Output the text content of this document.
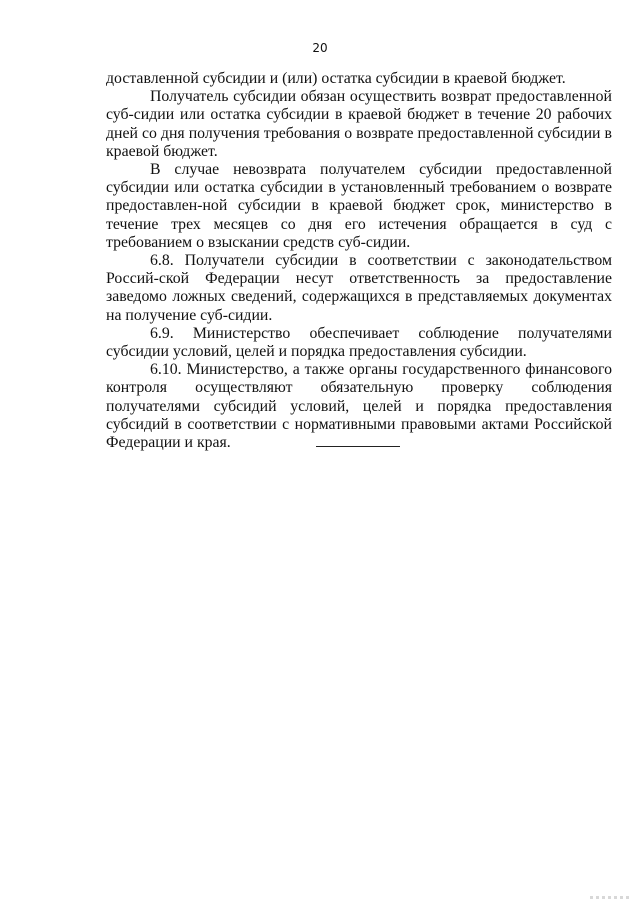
20

доставленной субсидии и (или) остатка субсидии в краевой бюджет.

Получатель субсидии обязан осуществить возврат предоставленной суб-сидии или остатка субсидии в краевой бюджет в течение 20 рабочих дней со дня получения требования о возврате предоставленной субсидии в краевой бюджет.

В случае невозврата получателем субсидии предоставленной субсидии или остатка субсидии в установленный требованием о возврате предоставлен-ной субсидии в краевой бюджет срок, министерство в течение трех месяцев со дня его истечения обращается в суд с требованием о взыскании средств суб-сидии.

6.8. Получатели субсидии в соответствии с законодательством Россий-ской Федерации несут ответственность за предоставление заведомо ложных сведений, содержащихся в представляемых документах на получение суб-сидии.

6.9. Министерство обеспечивает соблюдение получателями субсидии условий, целей и порядка предоставления субсидии.

6.10. Министерство, а также органы государственного финансового контроля осуществляют обязательную проверку соблюдения получателями субсидий условий, целей и порядка предоставления субсидий в соответствии с нормативными правовыми актами Российской Федерации и края.
